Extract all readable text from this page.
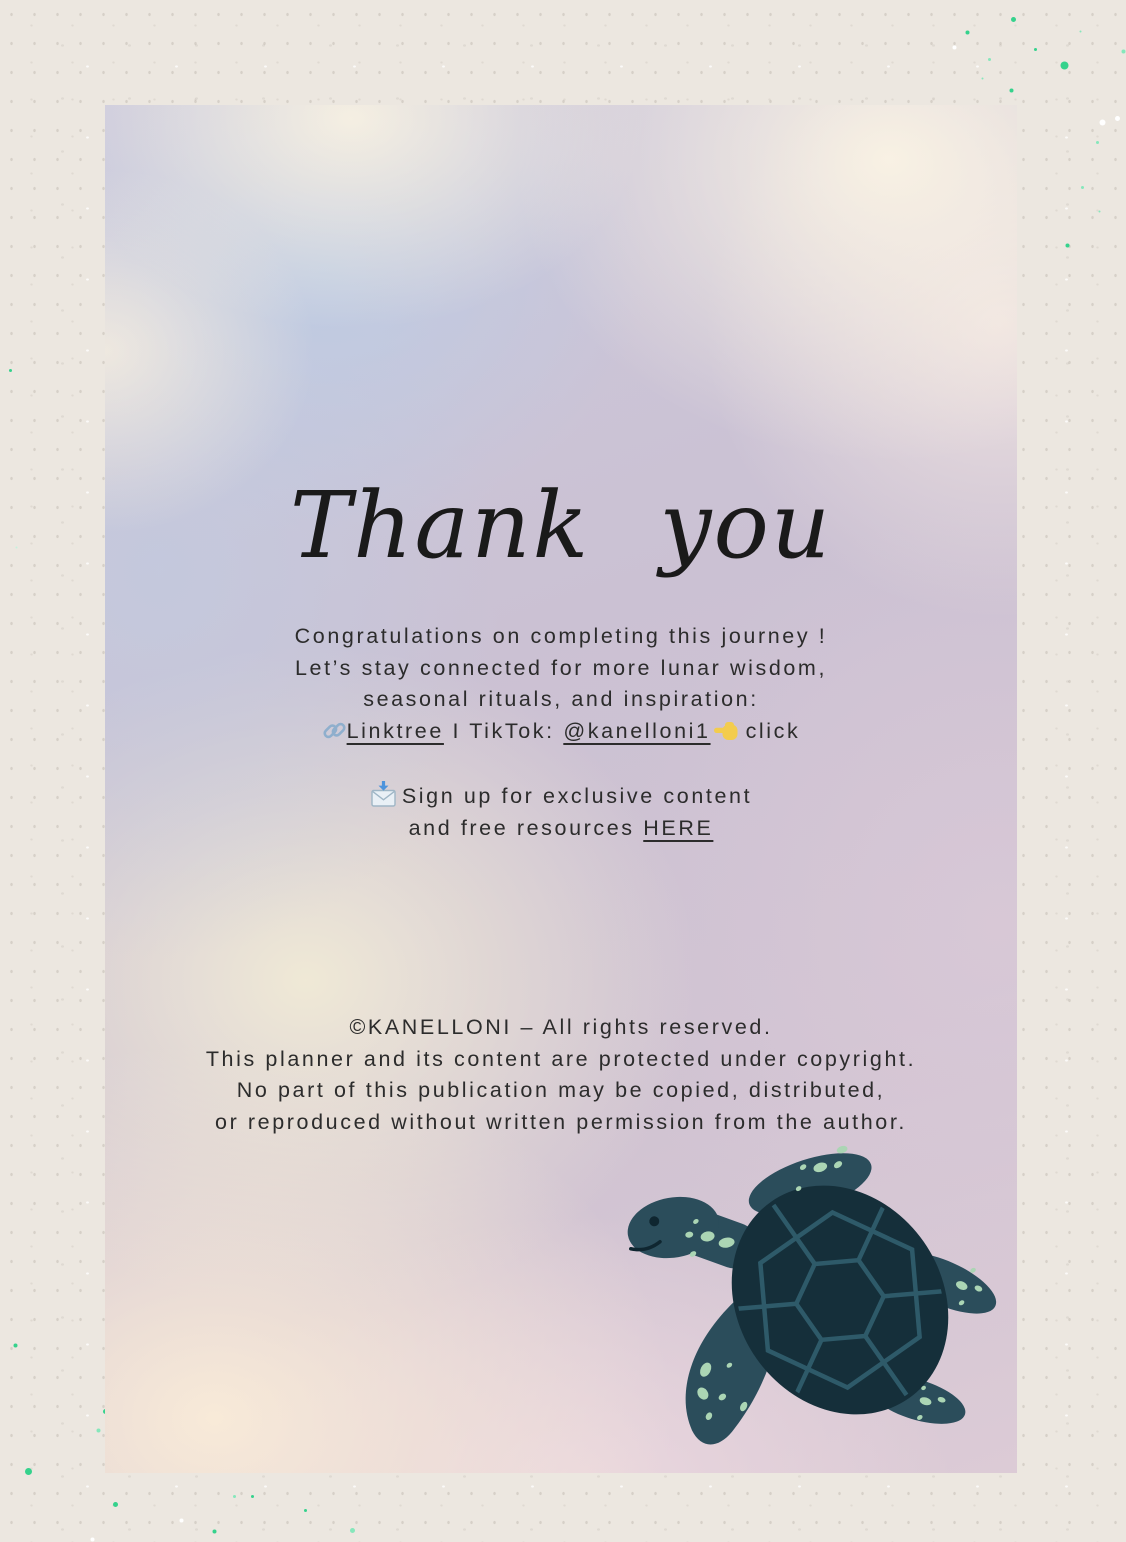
Thank you
Congratulations on completing this journey !
Let’s stay connected for more lunar wisdom,
seasonal rituals, and inspiration:
Linktree I TikTok: @kanelloni1 click
Sign up for exclusive content
and free resources HERE
©KANELLONI – All rights reserved.
This planner and its content are protected under copyright.
No part of this publication may be copied, distributed,
or reproduced without written permission from the author.
